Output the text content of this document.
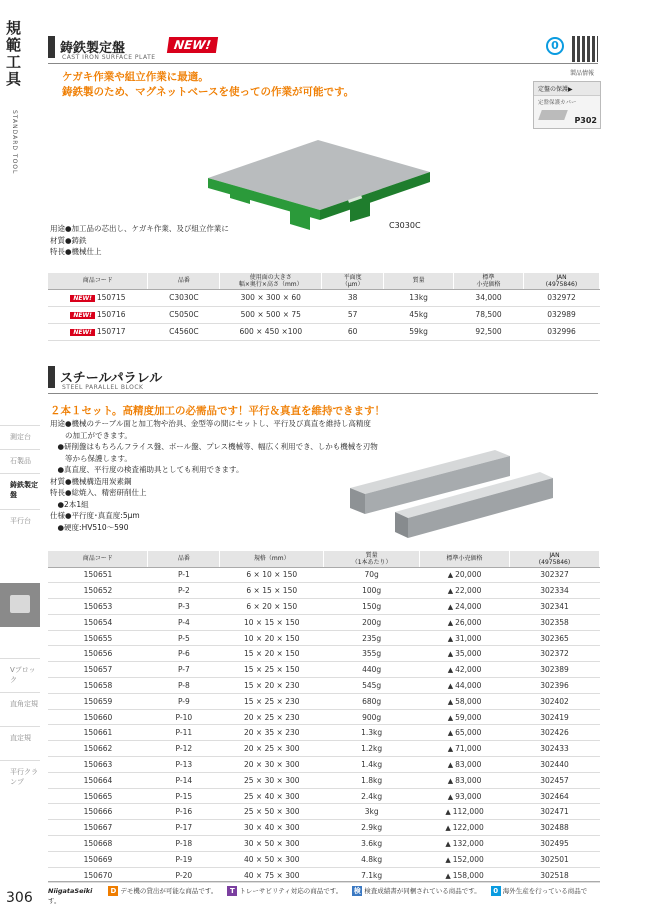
規範工具
STANDARD TOOL
測定台
石製品
鋳鉄製定盤
平行台
Vブロック
直角定規
直定規
平行クランプ
306
鋳鉄製定盤
CAST IRON SURFACE PLATE
NEW!	0
製品情報
定盤の保護▶
定盤保護カバー
P302
ケガキ作業や組立作業に最適。
鋳鉄製のため、マグネットベースを使っての作業が可能です。
C3030C
用途●加工品の芯出し、ケガキ作業、及び組立作業に
材質●鋳鉄
特長●機械仕上
商品コード	品番	使用面の大きさ
幅×奥行×高さ（mm）	平面度
（μm）	質量	標準
小売価格	JAN
(4975846)
NEW! 150715	C3030C	300 × 300 × 60	38	13kg	34,000	032972
NEW! 150716	C5050C	500 × 500 × 75	57	45kg	78,500	032989
NEW! 150717	C4560C	600 × 450 ×100	60	59kg	92,500	032996
スチールパラレル
STEEL PARALLEL BLOCK
２本１セット。高精度加工の必需品です！平行＆真直を維持できます！
用途●機械のテーブル面と加工物や治具、金型等の間にセットし、平行及び真直を維持し高精度
　　の加工ができます。
　●研削盤はもちろんフライス盤、ボール盤、プレス機械等、幅広く利用でき、しかも機械を刃物
　　等から保護します。
　●真直度、平行度の検査補助具としても利用できます。
材質●機械構造用炭素鋼
特長●総焼入、精密研削仕上
　●2本1組
仕様●平行度･真直度:5μm
　●硬度:HV510〜590
商品コード	品番	規格（mm）	質量
（1本あたり）	標準小売価格	JAN
(4975846)
150651	P-1	6 × 10 × 150	70g	▲ 20,000	302327
150652	P-2	6 × 15 × 150	100g	▲ 22,000	302334
150653	P-3	6 × 20 × 150	150g	▲ 24,000	302341
150654	P-4	10 × 15 × 150	200g	▲ 26,000	302358
150655	P-5	10 × 20 × 150	235g	▲ 31,000	302365
150656	P-6	15 × 20 × 150	355g	▲ 35,000	302372
150657	P-7	15 × 25 × 150	440g	▲ 42,000	302389
150658	P-8	15 × 20 × 230	545g	▲ 44,000	302396
150659	P-9	15 × 25 × 230	680g	▲ 58,000	302402
150660	P-10	20 × 25 × 230	900g	▲ 59,000	302419
150661	P-11	20 × 35 × 230	1.3kg	▲ 65,000	302426
150662	P-12	20 × 25 × 300	1.2kg	▲ 71,000	302433
150663	P-13	20 × 30 × 300	1.4kg	▲ 83,000	302440
150664	P-14	25 × 30 × 300	1.8kg	▲ 83,000	302457
150665	P-15	25 × 40 × 300	2.4kg	▲ 93,000	302464
150666	P-16	25 × 50 × 300	3kg	▲ 112,000	302471
150667	P-17	30 × 40 × 300	2.9kg	▲ 122,000	302488
150668	P-18	30 × 50 × 300	3.6kg	▲ 132,000	302495
150669	P-19	40 × 50 × 300	4.8kg	▲ 152,000	302501
150670	P-20	40 × 75 × 300	7.1kg	▲ 158,000	302518
NiigataSeiki	D デモ機の貸出が可能な商品です。 T トレーサビリティ対応の商品です。 検 検査成績書が同梱されている商品です。 0 海外生産を行っている商品です。
